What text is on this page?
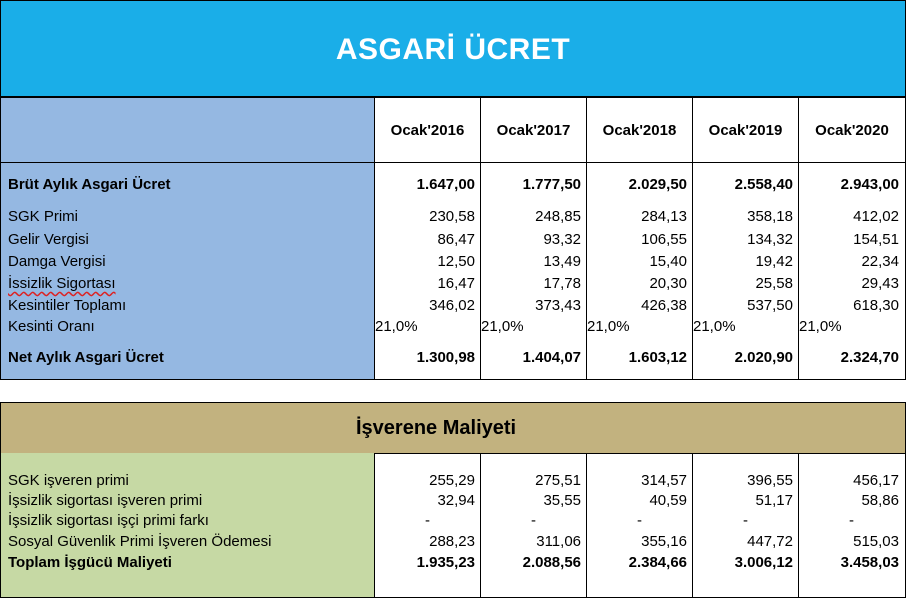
ASGARİ ÜCRET
Ocak'2016	Ocak'2017	Ocak'2018	Ocak'2019	Ocak'2020
Brüt Aylık Asgari Ücret	1.647,00	1.777,50	2.029,50	2.558,40	2.943,00
SGK Primi	230,58	248,85	284,13	358,18	412,02
Gelir Vergisi	86,47	93,32	106,55	134,32	154,51
Damga Vergisi	12,50	13,49	15,40	19,42	22,34
İssizlik Sigortası	16,47	17,78	20,30	25,58	29,43
Kesintiler Toplamı	346,02	373,43	426,38	537,50	618,30
Kesinti Oranı	21,0%	21,0%	21,0%	21,0%	21,0%
Net Aylık Asgari Ücret	1.300,98	1.404,07	1.603,12	2.020,90	2.324,70
İşverene Maliyeti
SGK işveren primi	255,29	275,51	314,57	396,55	456,17
İşsizlik sigortası işveren primi	32,94	35,55	40,59	51,17	58,86
İşsizlik sigortası işçi primi farkı	-	-	-	-	-
Sosyal Güvenlik Primi İşveren Ödemesi	288,23	311,06	355,16	447,72	515,03
Toplam İşgücü Maliyeti	1.935,23	2.088,56	2.384,66	3.006,12	3.458,03
